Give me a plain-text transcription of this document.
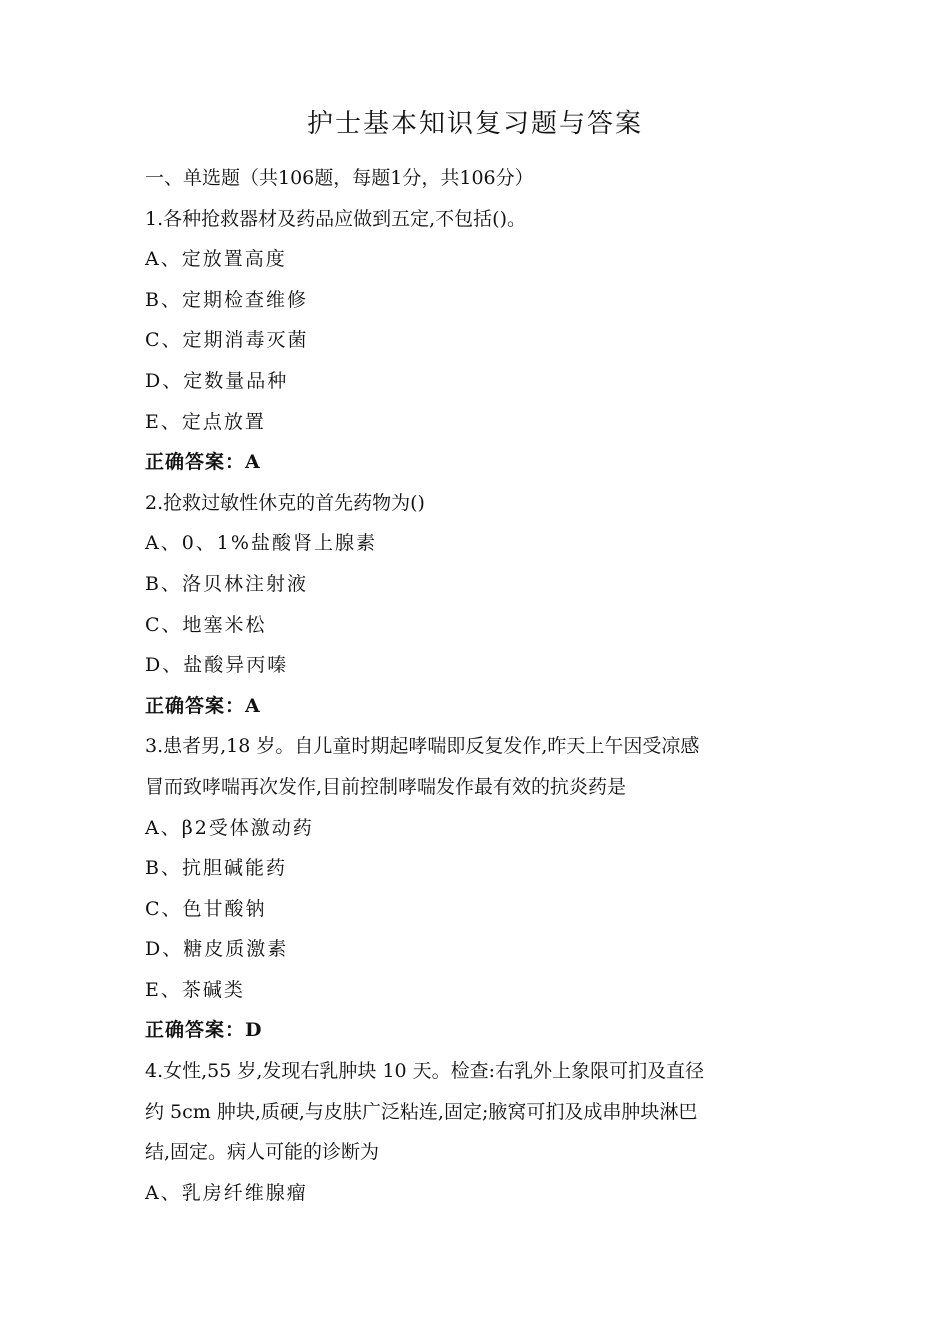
护士基本知识复习题与答案
一、单选题（共106题，每题1分，共106分）
1.各种抢救器材及药品应做到五定,不包括()。
A、定放置高度
B、定期检查维修
C、定期消毒灭菌
D、定数量品种
E、定点放置
正确答案：A
2.抢救过敏性休克的首先药物为()
A、0、1%盐酸肾上腺素
B、洛贝林注射液
C、地塞米松
D、盐酸异丙嗪
正确答案：A
3.患者男,18 岁。自儿童时期起哮喘即反复发作,昨天上午因受凉感
冒而致哮喘再次发作,目前控制哮喘发作最有效的抗炎药是
A、β2受体激动药
B、抗胆碱能药
C、色甘酸钠
D、糖皮质激素
E、茶碱类
正确答案：D
4.女性,55 岁,发现右乳肿块 10 天。检查:右乳外上象限可扪及直径
约 5cm 肿块,质硬,与皮肤广泛粘连,固定;腋窝可扪及成串肿块淋巴
结,固定。病人可能的诊断为
A、乳房纤维腺瘤
